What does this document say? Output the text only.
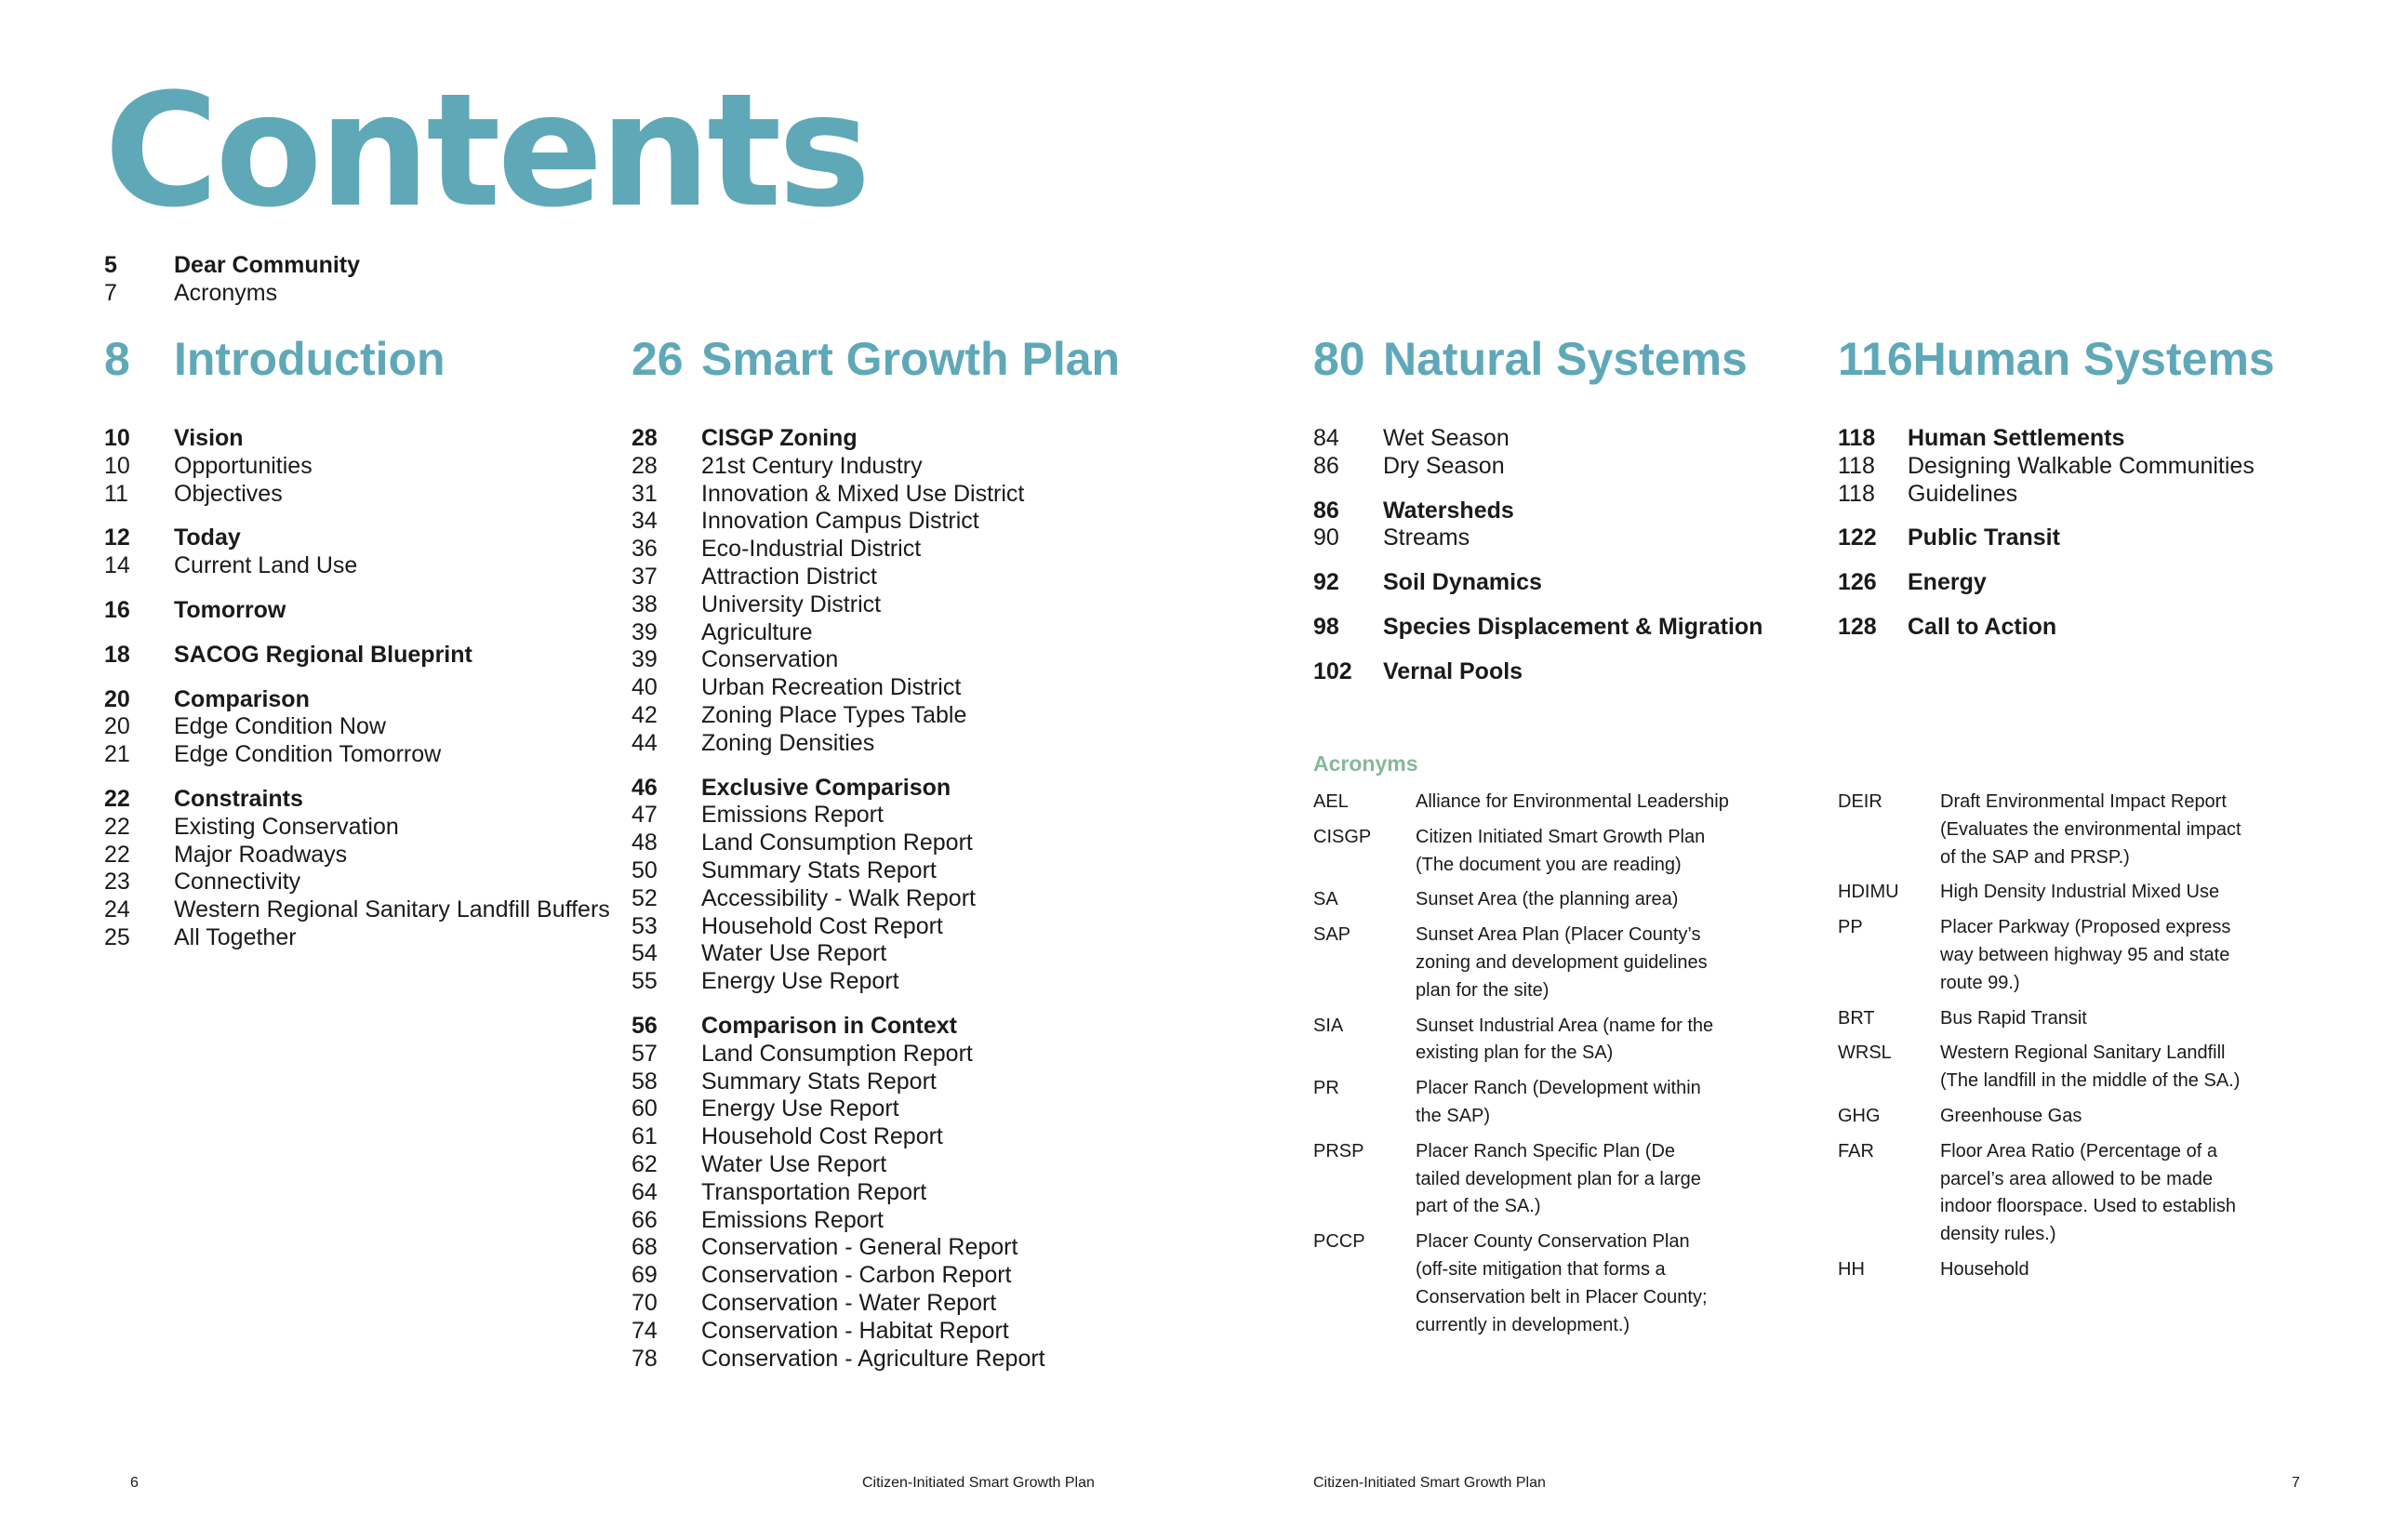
Contents
5	Dear Community
7	Acronyms
8 Introduction
10	Vision
10	Opportunities
11	Objectives
12	Today
14	Current Land Use
16	Tomorrow
18	SACOG Regional Blueprint
20	Comparison
20	Edge Condition Now
21	Edge Condition Tomorrow
22	Constraints
22	Existing Conservation
22	Major Roadways
23	Connectivity
24	Western Regional Sanitary Landfill Buffers
25	All Together
26 Smart Growth Plan
28	CISGP Zoning
28	21st Century Industry
31	Innovation & Mixed Use District
34	Innovation Campus District
36	Eco-Industrial District
37	Attraction District
38	University District
39	Agriculture
39	Conservation
40	Urban Recreation District
42	Zoning Place Types Table
44	Zoning Densities
46	Exclusive Comparison
47	Emissions Report
48	Land Consumption Report
50	Summary Stats Report
52	Accessibility - Walk Report
53	Household Cost Report
54	Water Use Report
55	Energy Use Report
56	Comparison in Context
57	Land Consumption Report
58	Summary Stats Report
60	Energy Use Report
61	Household Cost Report
62	Water Use Report
64	Transportation Report
66	Emissions Report
68	Conservation - General Report
69	Conservation - Carbon Report
70	Conservation - Water Report
74	Conservation - Habitat Report
78	Conservation - Agriculture Report
80 Natural Systems
84	Wet Season
86	Dry Season
86	Watersheds
90	Streams
92	Soil Dynamics
98	Species Displacement & Migration
102	Vernal Pools
116 Human Systems
118	Human Settlements
118	Designing Walkable Communities
118	Guidelines
122	Public Transit
126	Energy
128	Call to Action
Acronyms
AEL	Alliance for Environmental Leadership
CISGP	Citizen Initiated Smart Growth Plan
(The document you are reading)
SA	Sunset Area (the planning area)
SAP	Sunset Area Plan (Placer County’s
zoning and development guidelines
plan for the site)
SIA	Sunset Industrial Area (name for the
existing plan for the SA)
PR	Placer Ranch (Development within
the SAP)
PRSP	Placer Ranch Specific Plan (De
tailed development plan for a large
part of the SA.)
PCCP	Placer County Conservation Plan
(off-site mitigation that forms a
Conservation belt in Placer County;
currently in development.)
DEIR	Draft Environmental Impact Report
(Evaluates the environmental impact
of the SAP and PRSP.)
HDIMU	High Density Industrial Mixed Use
PP	Placer Parkway (Proposed express
way between highway 95 and state
route 99.)
BRT	Bus Rapid Transit
WRSL	Western Regional Sanitary Landfill
(The landfill in the middle of the SA.)
GHG	Greenhouse Gas
FAR	Floor Area Ratio (Percentage of a
parcel’s area allowed to be made
indoor floorspace. Used to establish
density rules.)
HH	Household
6	Citizen-Initiated Smart Growth Plan	Citizen-Initiated Smart Growth Plan	7
